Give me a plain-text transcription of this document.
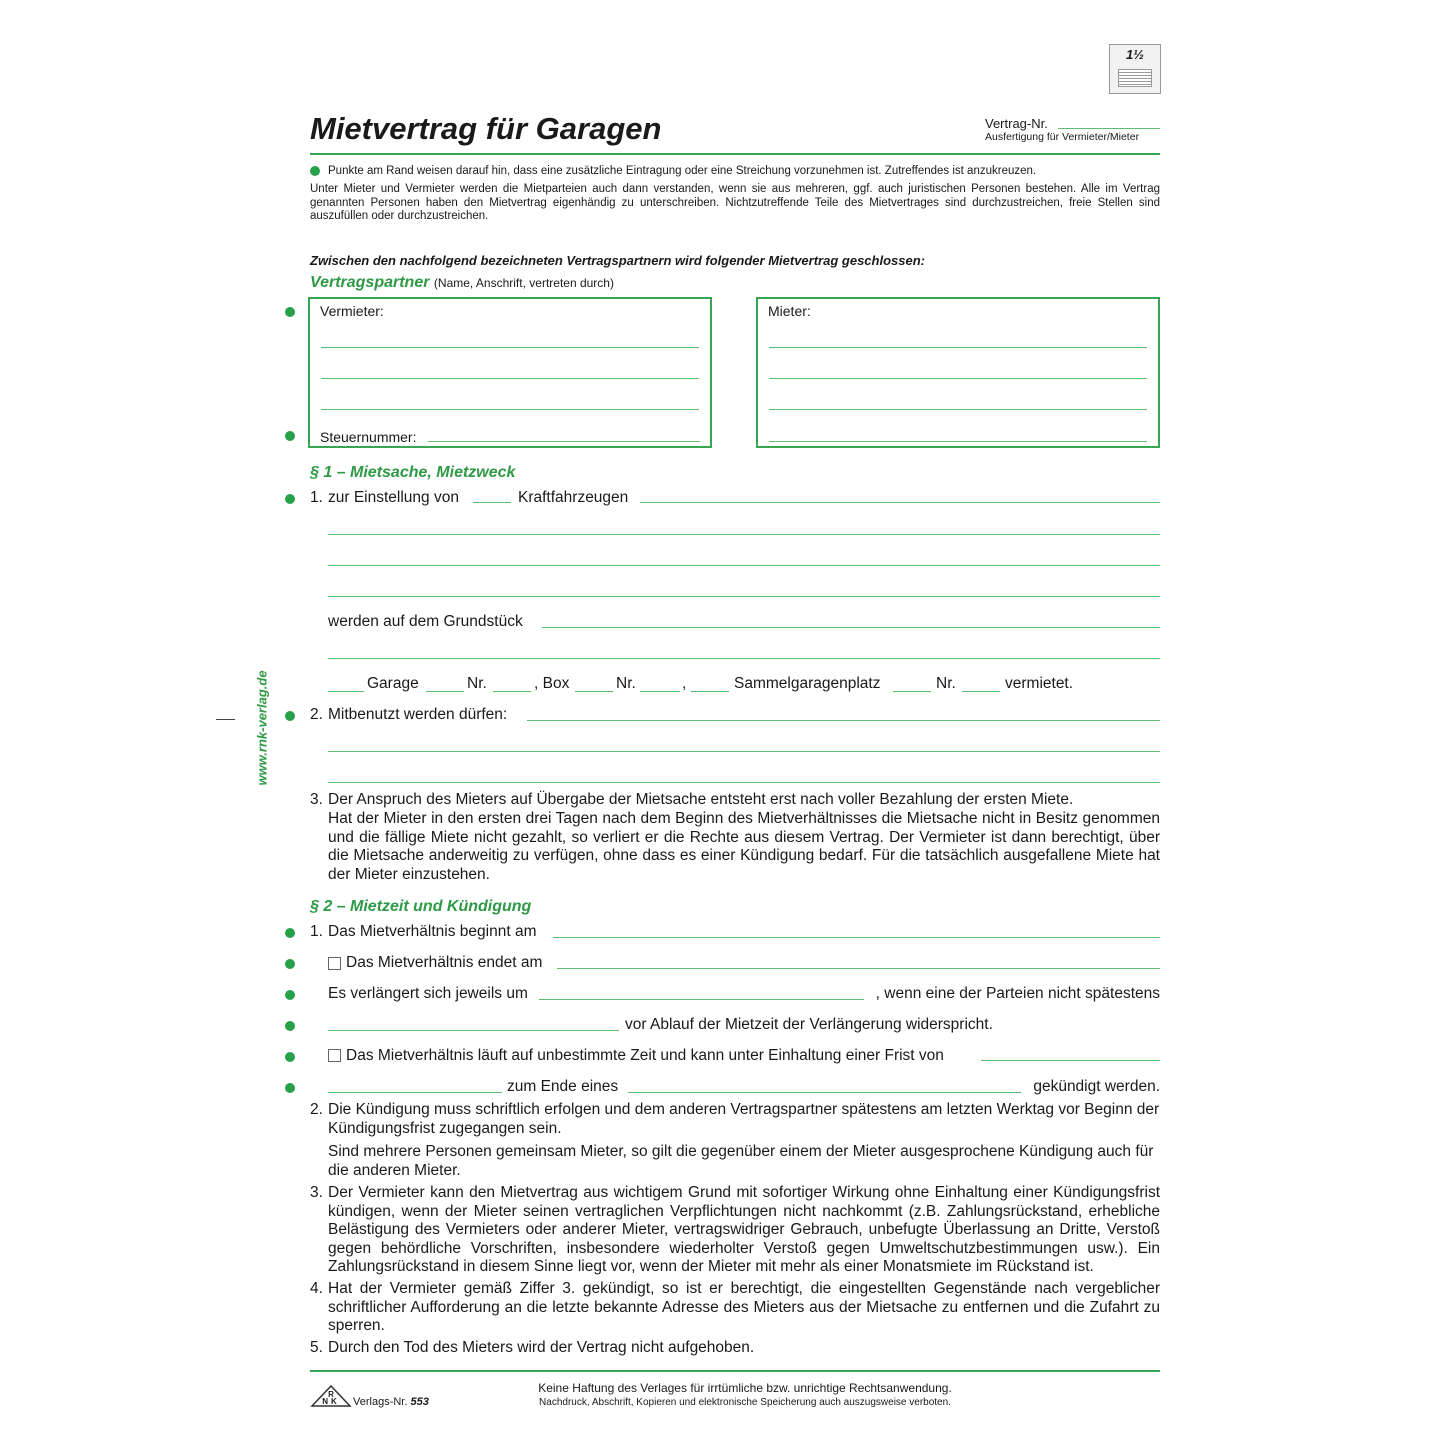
1½
Mietvertrag für Garagen	Vertrag-Nr.
Ausfertigung für Vermieter/Mieter
Punkte am Rand weisen darauf hin, dass eine zusätzliche Eintragung oder eine Streichung vorzunehmen ist. Zutreffendes ist anzukreuzen.
Unter Mieter und Vermieter werden die Mietparteien auch dann verstanden, wenn sie aus mehreren, ggf. auch juristischen Personen bestehen. Alle im Vertrag genannten Personen haben den Mietvertrag eigenhändig zu unterschreiben. Nichtzutreffende Teile des Mietvertrages sind durchzustreichen, freie Stellen sind auszufüllen oder durchzustreichen.
Zwischen den nachfolgend bezeichneten Vertragspartnern wird folgender Mietvertrag geschlossen:
Vertragspartner (Name, Anschrift, vertreten durch)
Vermieter:
Steuernummer:
Mieter:
www.rnk-verlag.de
§ 1 – Mietsache, Mietzweck
1. zur Einstellung von	Kraftfahrzeugen
werden auf dem Grundstück
Garage	Nr.	, Box	Nr.	,	Sammelgaragenplatz	Nr.	vermietet.
2. Mitbenutzt werden dürfen:
3. Der Anspruch des Mieters auf Übergabe der Mietsache entsteht erst nach voller Bezahlung der ersten Miete.
Hat der Mieter in den ersten drei Tagen nach dem Beginn des Mietverhältnisses die Mietsache nicht in Besitz genommen und die fällige Miete nicht gezahlt, so verliert er die Rechte aus diesem Vertrag. Der Vermieter ist dann berechtigt, über die Mietsache anderweitig zu verfügen, ohne dass es einer Kündigung bedarf. Für die tatsächlich ausgefallene Miete hat der Mieter einzustehen.
§ 2 – Mietzeit und Kündigung
1. Das Mietverhältnis beginnt am
Das Mietverhältnis endet am
Es verlängert sich jeweils um	, wenn eine der Parteien nicht spätestens
vor Ablauf der Mietzeit der Verlängerung widerspricht.
Das Mietverhältnis läuft auf unbestimmte Zeit und kann unter Einhaltung einer Frist von
zum Ende eines	gekündigt werden.
2. Die Kündigung muss schriftlich erfolgen und dem anderen Vertragspartner spätestens am letzten Werktag vor Beginn der Kündigungsfrist zugegangen sein.
Sind mehrere Personen gemeinsam Mieter, so gilt die gegenüber einem der Mieter ausgesprochene Kündigung auch für die anderen Mieter.
3. Der Vermieter kann den Mietvertrag aus wichtigem Grund mit sofortiger Wirkung ohne Einhaltung einer Kündigungsfrist kündigen, wenn der Mieter seinen vertraglichen Verpflichtungen nicht nachkommt (z.B. Zahlungsrückstand, erhebliche Belästigung des Vermieters oder anderer Mieter, vertragswidriger Gebrauch, unbefugte Überlassung an Dritte, Verstoß gegen behördliche Vorschriften, insbesondere wiederholter Verstoß gegen Umweltschutzbestimmungen usw.). Ein Zahlungsrückstand in diesem Sinne liegt vor, wenn der Mieter mit mehr als einer Monatsmiete im Rückstand ist.
4. Hat der Vermieter gemäß Ziffer 3. gekündigt, so ist er berechtigt, die eingestellten Gegenstände nach vergeblicher schriftlicher Aufforderung an die letzte bekannte Adresse des Mieters aus der Mietsache zu entfernen und die Zufahrt zu sperren.
5. Durch den Tod des Mieters wird der Vertrag nicht aufgehoben.
R
NK	Verlags-Nr. 553
Keine Haftung des Verlages für irrtümliche bzw. unrichtige Rechtsanwendung.
Nachdruck, Abschrift, Kopieren und elektronische Speicherung auch auszugsweise verboten.
